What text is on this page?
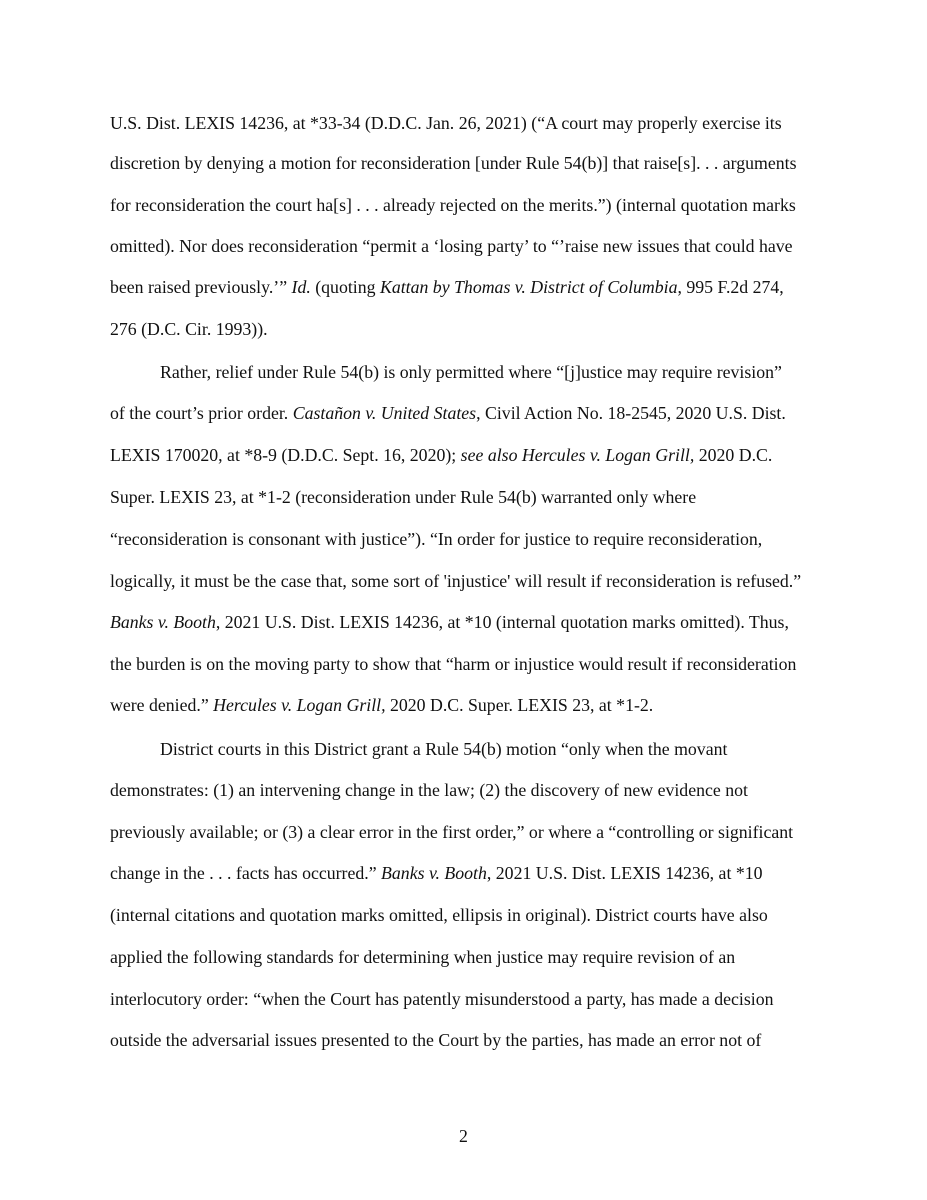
U.S. Dist. LEXIS 14236, at *33-34 (D.D.C. Jan. 26, 2021) (“A court may properly exercise its
discretion by denying a motion for reconsideration [under Rule 54(b)] that raise[s]. . . arguments
for reconsideration the court ha[s] . . . already rejected on the merits.”) (internal quotation marks
omitted). Nor does reconsideration “permit a ‘losing party’ to “’raise new issues that could have
been raised previously.’” Id. (quoting Kattan by Thomas v. District of Columbia, 995 F.2d 274,
276 (D.C. Cir. 1993)).
Rather, relief under Rule 54(b) is only permitted where “[j]ustice may require revision”
of the court’s prior order. Castañon v. United States, Civil Action No. 18-2545, 2020 U.S. Dist.
LEXIS 170020, at *8-9 (D.D.C. Sept. 16, 2020); see also Hercules v. Logan Grill, 2020 D.C.
Super. LEXIS 23, at *1-2 (reconsideration under Rule 54(b) warranted only where
“reconsideration is consonant with justice”). “In order for justice to require reconsideration,
logically, it must be the case that, some sort of 'injustice' will result if reconsideration is refused.”
Banks v. Booth, 2021 U.S. Dist. LEXIS 14236, at *10 (internal quotation marks omitted). Thus,
the burden is on the moving party to show that “harm or injustice would result if reconsideration
were denied.” Hercules v. Logan Grill, 2020 D.C. Super. LEXIS 23, at *1-2.
District courts in this District grant a Rule 54(b) motion “only when the movant
demonstrates: (1) an intervening change in the law; (2) the discovery of new evidence not
previously available; or (3) a clear error in the first order,” or where a “controlling or significant
change in the . . . facts has occurred.” Banks v. Booth, 2021 U.S. Dist. LEXIS 14236, at *10
(internal citations and quotation marks omitted, ellipsis in original). District courts have also
applied the following standards for determining when justice may require revision of an
interlocutory order: “when the Court has patently misunderstood a party, has made a decision
outside the adversarial issues presented to the Court by the parties, has made an error not of
2
